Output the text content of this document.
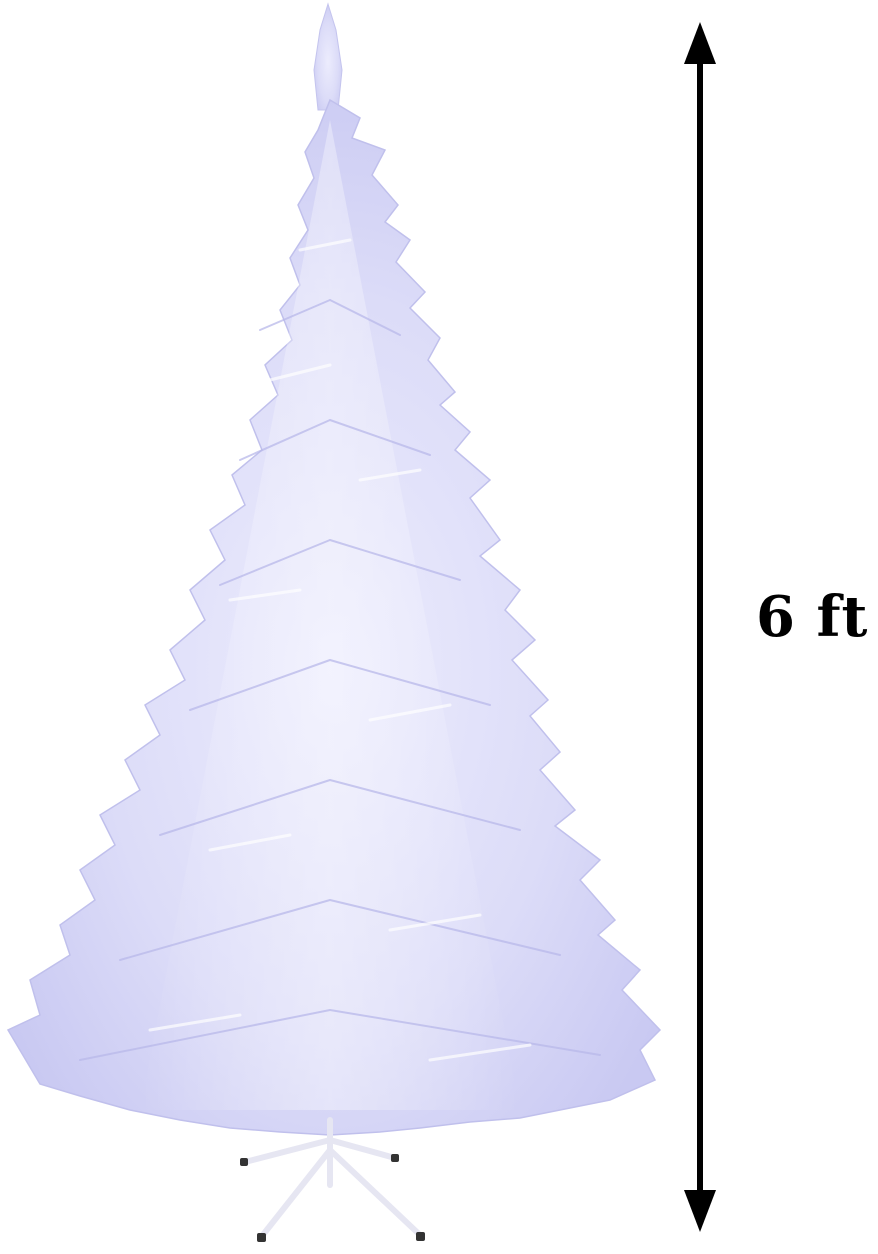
6 ft
